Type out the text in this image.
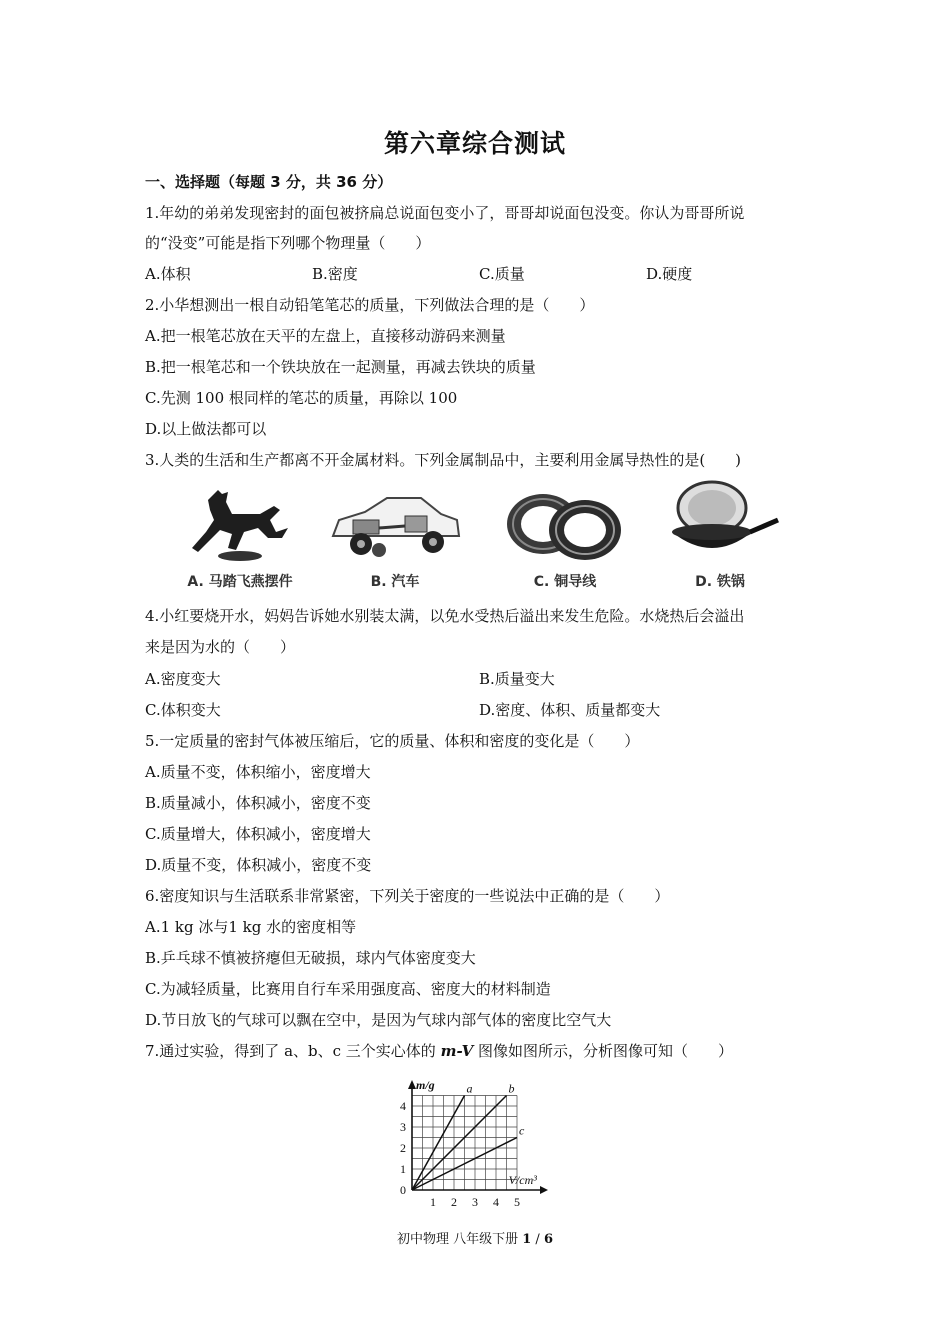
第六章综合测试
一、选择题（每题 3 分，共 36 分）
1.年幼的弟弟发现密封的面包被挤扁总说面包变小了，哥哥却说面包没变。你认为哥哥所说
的“没变”可能是指下列哪个物理量（　　）
A.体积	B.密度	C.质量	D.硬度
2.小华想测出一根自动铅笔笔芯的质量，下列做法合理的是（　　）
A.把一根笔芯放在天平的左盘上，直接移动游码来测量
B.把一根笔芯和一个铁块放在一起测量，再减去铁块的质量
C.先测 100 根同样的笔芯的质量，再除以 100
D.以上做法都可以
3.人类的生活和生产都离不开金属材料。下列金属制品中，主要利用金属导热性的是(　　)
A. 马踏飞燕摆件	B. 汽车	C. 铜导线	D. 铁锅
4.小红要烧开水，妈妈告诉她水别装太满，以免水受热后溢出来发生危险。水烧热后会溢出
来是因为水的（　　）
A.密度变大	B.质量变大
C.体积变大	D.密度、体积、质量都变大
5.一定质量的密封气体被压缩后，它的质量、体积和密度的变化是（　　）
A.质量不变，体积缩小，密度增大
B.质量减小，体积减小，密度不变
C.质量增大，体积减小，密度增大
D.质量不变，体积减小，密度不变
6.密度知识与生活联系非常紧密，下列关于密度的一些说法中正确的是（　　）
A.1 kg 冰与1 kg 水的密度相等
B.乒乓球不慎被挤瘪但无破损，球内气体密度变大
C.为减轻质量，比赛用自行车采用强度高、密度大的材料制造
D.节日放飞的气球可以飘在空中，是因为气球内部气体的密度比空气大
7.通过实验，得到了 a、b、c 三个实心体的 m-V 图像如图所示，分析图像可知（　　）
a	b
c
1 2 3 4 5
1
2
3
4
0
m/g
V/cm³
初中物理 八年级下册 1 / 6
